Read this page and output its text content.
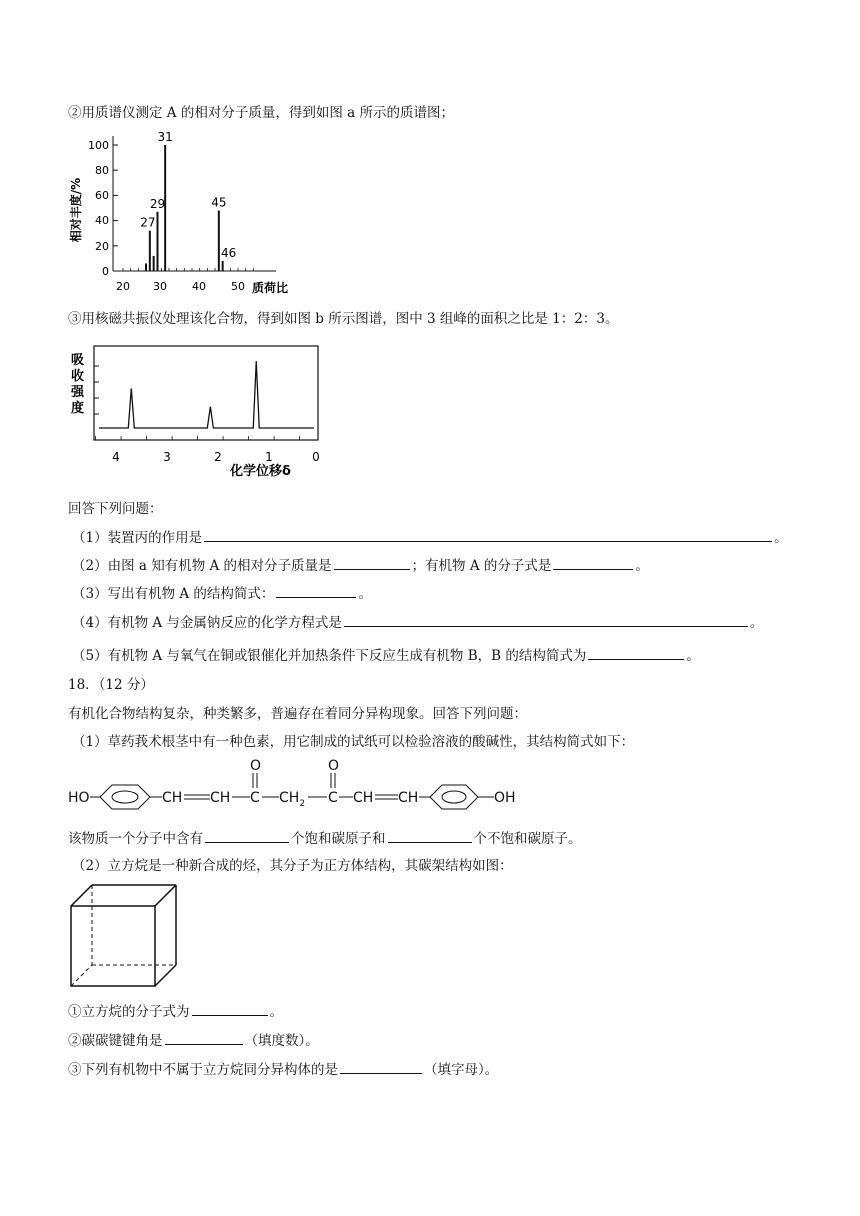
②用质谱仪测定 A 的相对分子质量，得到如图 a 所示的质谱图；
27
29
31
45
46
相对丰度/%
质荷比
0
20
40
60
80
100
20 30 40 50
③用核磁共振仪处理该化合物，得到如图 b 所示图谱，图中 3 组峰的面积之比是 1：2：3。
吸
收
强
度
4	3	2	1	0
化学位移δ
回答下列问题：
（1）装置丙的作用是	。
（2）由图 a 知有机物 A 的相对分子质量是	；有机物 A 的分子式是	。
（3）写出有机物 A 的结构简式：	。
（4）有机物 A 与金属钠反应的化学方程式是	。
（5）有机物 A 与氧气在铜或银催化并加热条件下反应生成有机物 B，B 的结构简式为	。
18．（12 分）
有机化合物结构复杂，种类繁多，普遍存在着同分异构现象。回答下列问题：
（1）草药莪术根茎中有一种色素，用它制成的试纸可以检验溶液的酸碱性，其结构简式如下：
HO	CH CH C $CH_2$ C CH CH	OH
O	O
该物质一个分子中含有	个饱和碳原子和	个不饱和碳原子。
（2）立方烷是一种新合成的烃，其分子为正方体结构，其碳架结构如图：
①立方烷的分子式为	。
②碳碳键键角是	（填度数）。
③下列有机物中不属于立方烷同分异构体的是	（填字母）。
